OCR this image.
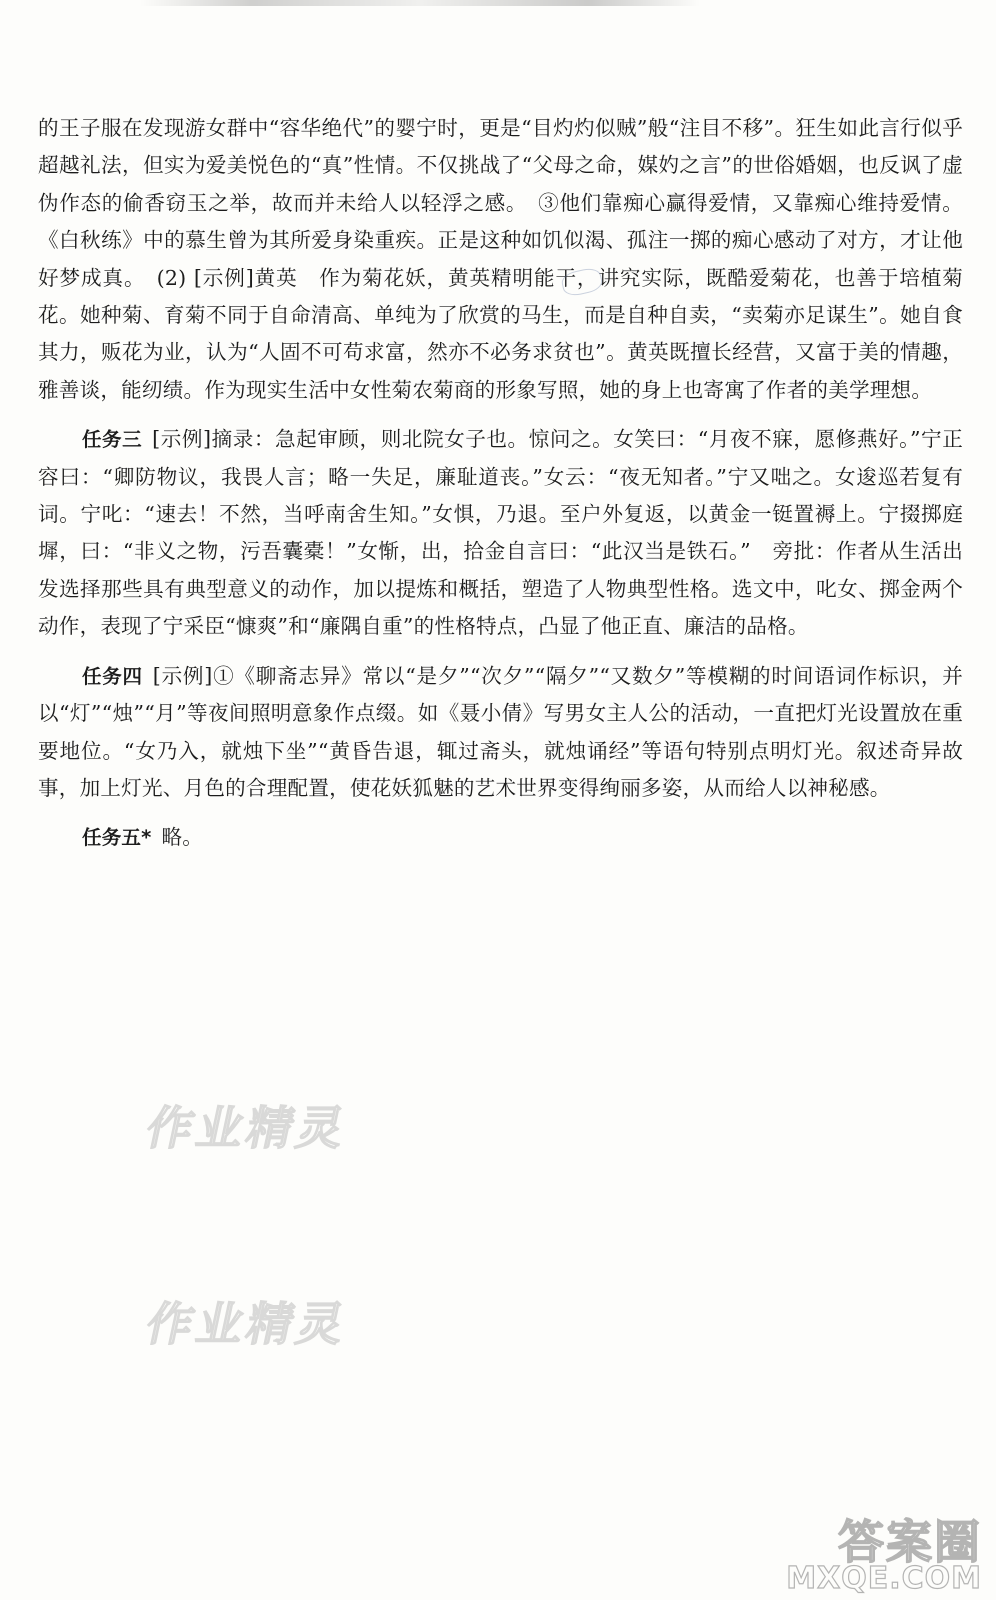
的王子服在发现游女群中“容华绝代”的婴宁时，更是“目灼灼似贼”般“注目不移”。狂生如此言行似乎超越礼法，但实为爱美悦色的“真”性情。不仅挑战了“父母之命，媒妁之言”的世俗婚姻，也反讽了虚伪作态的偷香窃玉之举，故而并未给人以轻浮之感。　③他们靠痴心赢得爱情，又靠痴心维持爱情。《白秋练》中的慕生曾为其所爱身染重疾。正是这种如饥似渴、孤注一掷的痴心感动了对方，才让他好梦成真。　(2) [示例]黄英　作为菊花妖，黄英精明能干，讲究实际，既酷爱菊花，也善于培植菊花。她种菊、育菊不同于自命清高、单纯为了欣赏的马生，而是自种自卖，“卖菊亦足谋生”。她自食其力，贩花为业，认为“人固不可苟求富，然亦不必务求贫也”。黄英既擅长经营，又富于美的情趣，雅善谈，能纫绩。作为现实生活中女性菊农菊商的形象写照，她的身上也寄寓了作者的美学理想。

任务三 [示例]摘录：急起审顾，则北院女子也。惊问之。女笑曰：“月夜不寐，愿修燕好。”宁正容曰：“卿防物议，我畏人言；略一失足，廉耻道丧。”女云：“夜无知者。”宁又咄之。女逡巡若复有词。宁叱：“速去！不然，当呼南舍生知。”女惧，乃退。至户外复返，以黄金一铤置褥上。宁掇掷庭墀，曰：“非义之物，污吾囊橐！”女惭，出，拾金自言曰：“此汉当是铁石。”　旁批：作者从生活出发选择那些具有典型意义的动作，加以提炼和概括，塑造了人物典型性格。选文中，叱女、掷金两个动作，表现了宁采臣“慷爽”和“廉隅自重”的性格特点，凸显了他正直、廉洁的品格。

任务四 [示例]①《聊斋志异》常以“是夕”“次夕”“隔夕”“又数夕”等模糊的时间语词作标识，并以“灯”“烛”“月”等夜间照明意象作点缀。如《聂小倩》写男女主人公的活动，一直把灯光设置放在重要地位。“女乃入，就烛下坐”“黄昏告退，辄过斋头，就烛诵经”等语句特别点明灯光。叙述奇异故事，加上灯光、月色的合理配置，使花妖狐魅的艺术世界变得绚丽多姿，从而给人以神秘感。

任务五* 略。

作业精灵
作业精灵
答案圈
MXQE.COM
